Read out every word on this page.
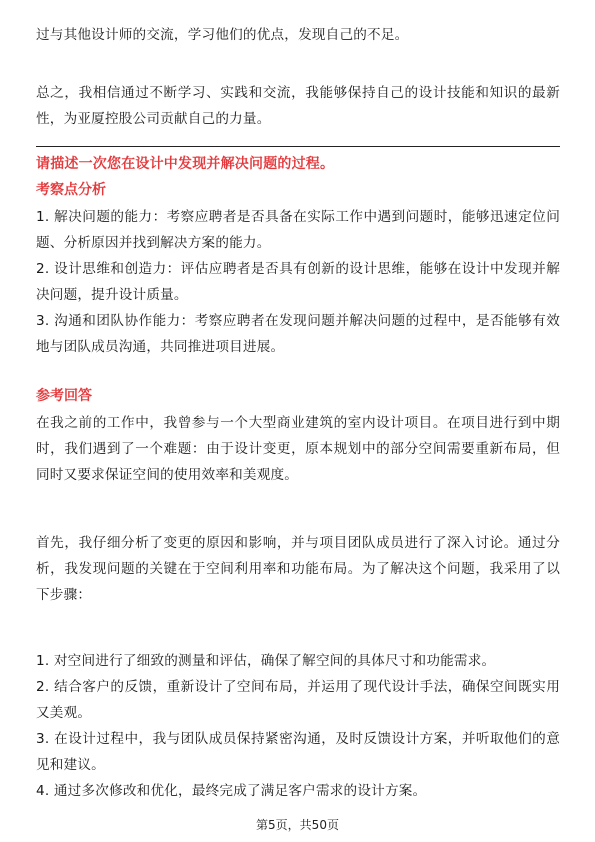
过与其他设计师的交流，学习他们的优点，发现自己的不足。

总之，我相信通过不断学习、实践和交流，我能够保持自己的设计技能和知识的最新性，为亚厦控股公司贡献自己的力量。

请描述一次您在设计中发现并解决问题的过程。

考察点分析

1. 解决问题的能力：考察应聘者是否具备在实际工作中遇到问题时，能够迅速定位问题、分析原因并找到解决方案的能力。

2. 设计思维和创造力：评估应聘者是否具有创新的设计思维，能够在设计中发现并解决问题，提升设计质量。

3. 沟通和团队协作能力：考察应聘者在发现问题并解决问题的过程中，是否能够有效地与团队成员沟通，共同推进项目进展。

参考回答

在我之前的工作中，我曾参与一个大型商业建筑的室内设计项目。在项目进行到中期时，我们遇到了一个难题：由于设计变更，原本规划中的部分空间需要重新布局，但同时又要求保证空间的使用效率和美观度。

首先，我仔细分析了变更的原因和影响，并与项目团队成员进行了深入讨论。通过分析，我发现问题的关键在于空间利用率和功能布局。为了解决这个问题，我采用了以下步骤：

1. 对空间进行了细致的测量和评估，确保了解空间的具体尺寸和功能需求。

2. 结合客户的反馈，重新设计了空间布局，并运用了现代设计手法，确保空间既实用又美观。

3. 在设计过程中，我与团队成员保持紧密沟通，及时反馈设计方案，并听取他们的意见和建议。

4. 通过多次修改和优化，最终完成了满足客户需求的设计方案。

第5页，共50页
